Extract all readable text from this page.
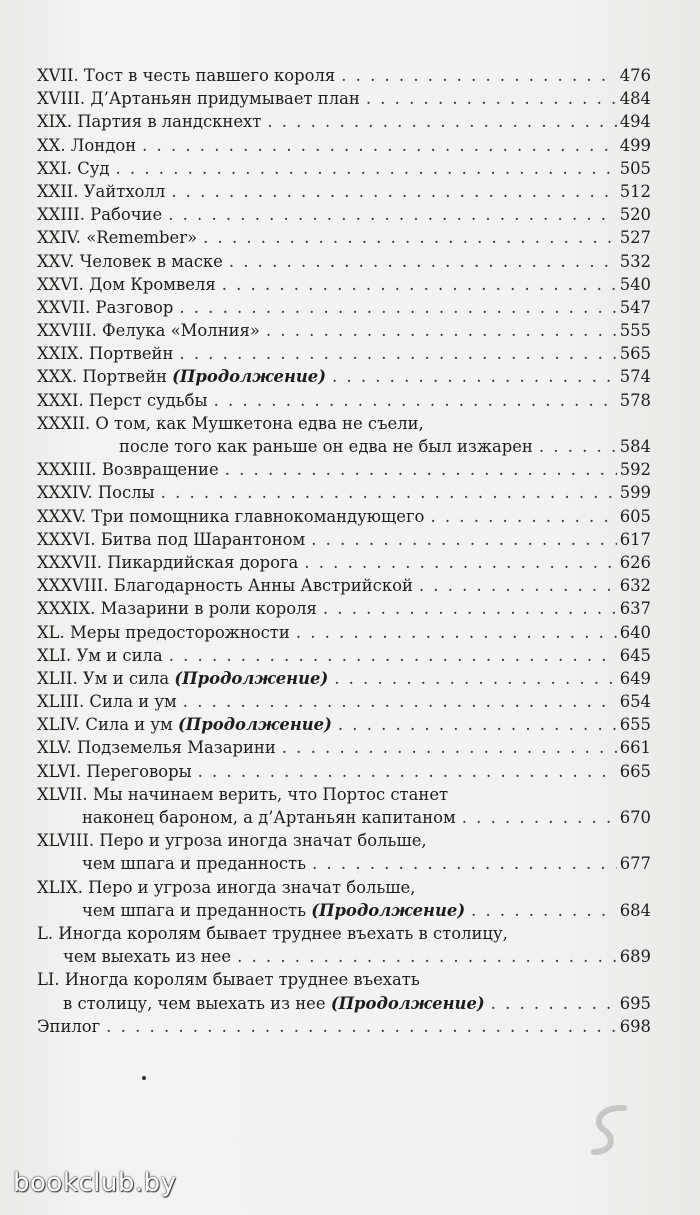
XVII. Тост в честь павшего короля . . .	476
XVIII. Д’Артаньян придумывает план . . .	484
XIX. Партия в ландскнехт . . .	494
XX. Лондон . . .	499
XXI. Суд . . .	505
XXII. Уайтхолл . . .	512
XXIII. Рабочие . . .	520
XXIV. «Remember» . . .	527
XXV. Человек в маске . . .	532
XXVI. Дом Кромвеля . . .	540
XXVII. Разговор . . .	547
XXVIII. Фелука «Молния» . . .	555
XXIX. Портвейн . . .	565
XXX. Портвейн (Продолжение) . . .	574
XXXI. Перст судьбы . . .	578
XXXII. О том, как Мушкетона едва не съели,
после того как раньше он едва не был изжарен . . .	584
XXXIII. Возвращение . . .	592
XXXIV. Послы . . .	599
XXXV. Три помощника главнокомандующего . . .	605
XXXVI. Битва под Шарантоном . . .	617
XXXVII. Пикардийская дорога . . .	626
XXXVIII. Благодарность Анны Австрийской . . .	632
XXXIX. Мазарини в роли короля . . .	637
XL. Меры предосторожности . . .	640
XLI. Ум и сила . . .	645
XLII. Ум и сила (Продолжение) . . .	649
XLIII. Сила и ум . . .	654
XLIV. Сила и ум (Продолжение) . . .	655
XLV. Подземелья Мазарини . . .	661
XLVI. Переговоры . . .	665
XLVII. Мы начинаем верить, что Портос станет
наконец бароном, а д’Артаньян капитаном . . .	670
XLVIII. Перо и угроза иногда значат больше,
чем шпага и преданность . . .	677
XLIX. Перо и угроза иногда значат больше,
чем шпага и преданность (Продолжение) . . .	684
L. Иногда королям бывает труднее въехать в столицу,
чем выехать из нее . . .	689
LI. Иногда королям бывает труднее въехать
в столицу, чем выехать из нее (Продолжение) . . .	695
Эпилог . . .	698
bookclub.by
